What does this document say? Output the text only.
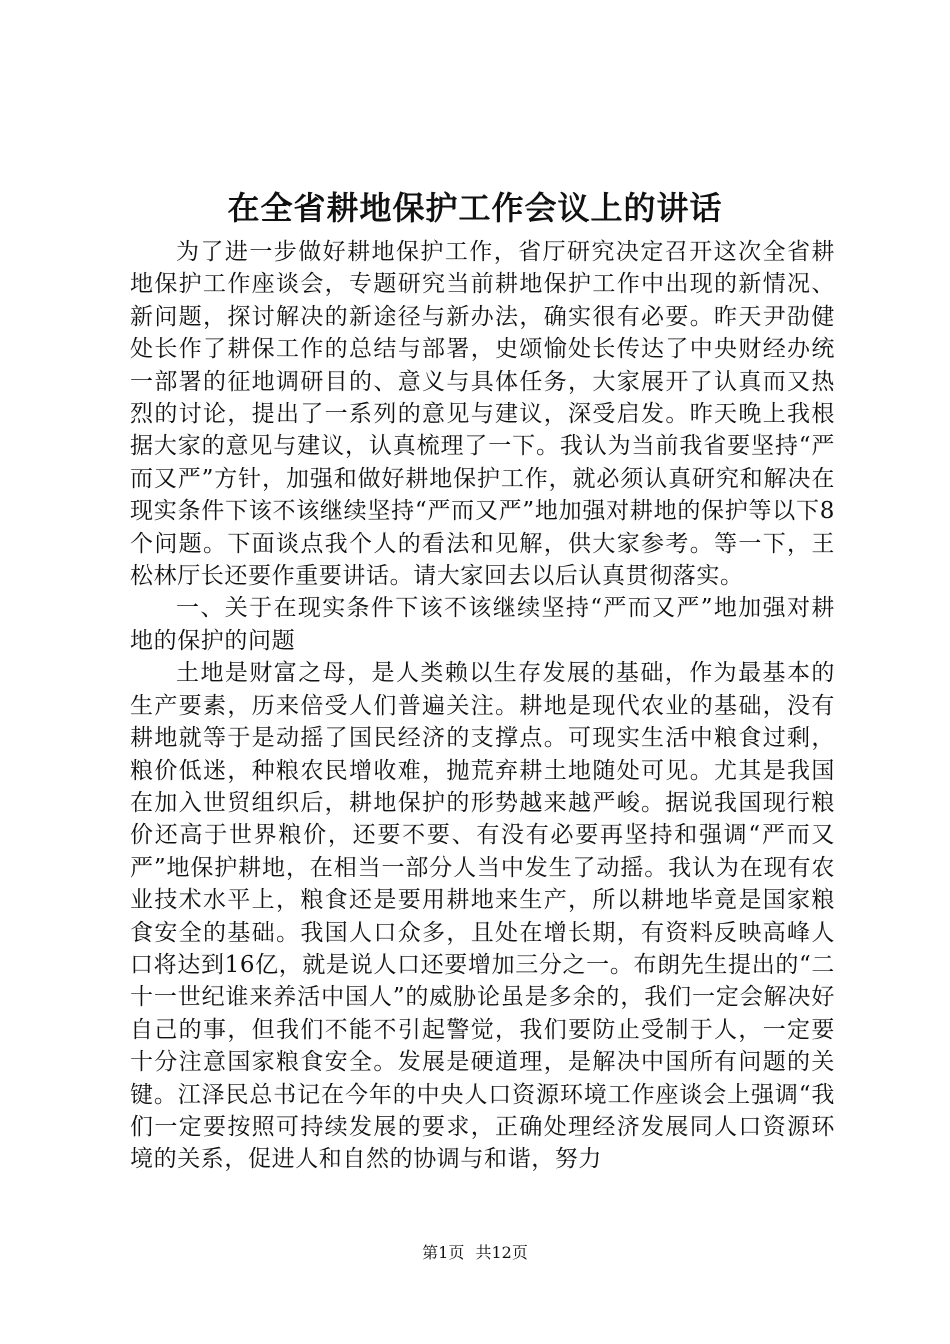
在全省耕地保护工作会议上的讲话

为了进一步做好耕地保护工作，省厅研究决定召开这次全省耕地保护工作座谈会，专题研究当前耕地保护工作中出现的新情况、新问题，探讨解决的新途径与新办法，确实很有必要。昨天尹劭健处长作了耕保工作的总结与部署，史颂愉处长传达了中央财经办统一部署的征地调研目的、意义与具体任务，大家展开了认真而又热烈的讨论，提出了一系列的意见与建议，深受启发。昨天晚上我根据大家的意见与建议，认真梳理了一下。我认为当前我省要坚持“严而又严”方针，加强和做好耕地保护工作，就必须认真研究和解决在现实条件下该不该继续坚持“严而又严”地加强对耕地的保护等以下8个问题。下面谈点我个人的看法和见解，供大家参考。等一下，王松林厅长还要作重要讲话。请大家回去以后认真贯彻落实。

一、关于在现实条件下该不该继续坚持“严而又严”地加强对耕地的保护的问题

土地是财富之母，是人类赖以生存发展的基础，作为最基本的生产要素，历来倍受人们普遍关注。耕地是现代农业的基础，没有耕地就等于是动摇了国民经济的支撑点。可现实生活中粮食过剩，粮价低迷，种粮农民增收难，抛荒弃耕土地随处可见。尤其是我国在加入世贸组织后，耕地保护的形势越来越严峻。据说我国现行粮价还高于世界粮价，还要不要、有没有必要再坚持和强调“严而又严”地保护耕地，在相当一部分人当中发生了动摇。我认为在现有农业技术水平上，粮食还是要用耕地来生产，所以耕地毕竟是国家粮食安全的基础。我国人口众多，且处在增长期，有资料反映高峰人口将达到16亿，就是说人口还要增加三分之一。布朗先生提出的“二十一世纪谁来养活中国人”的威胁论虽是多余的，我们一定会解决好自己的事，但我们不能不引起警觉，我们要防止受制于人，一定要十分注意国家粮食安全。发展是硬道理，是解决中国所有问题的关键。江泽民总书记在今年的中央人口资源环境工作座谈会上强调“我们一定要按照可持续发展的要求，正确处理经济发展同人口资源环境的关系，促进人和自然的协调与和谐，努力

第1页 共12页
